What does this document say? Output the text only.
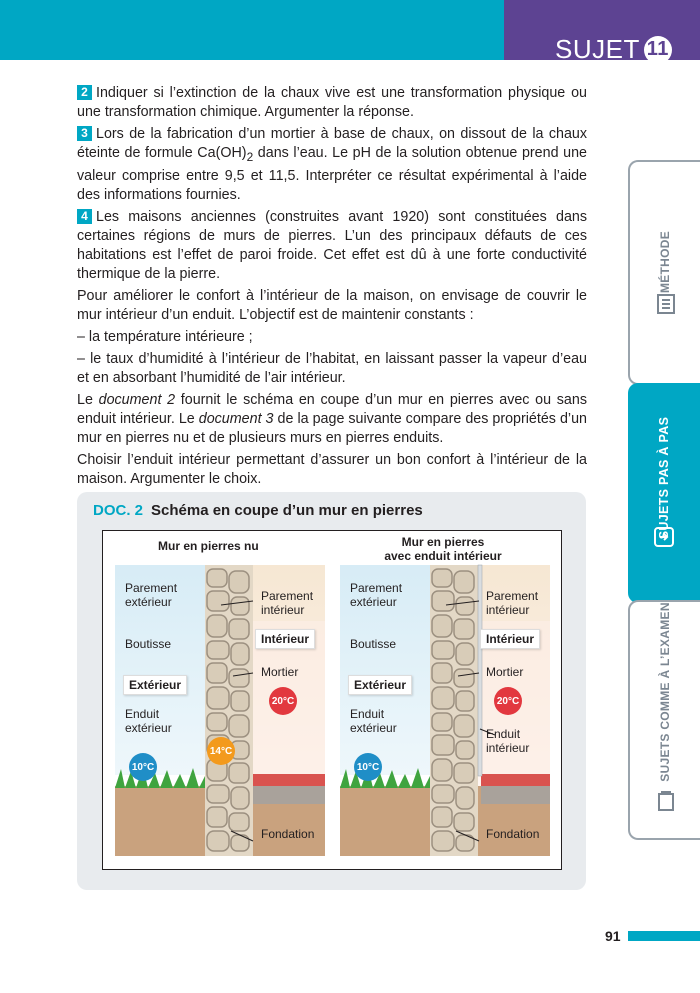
SUJET 11

2 Indiquer si l’extinction de la chaux vive est une transformation physique ou une transformation chimique. Argumenter la réponse.

3 Lors de la fabrication d’un mortier à base de chaux, on dissout de la chaux éteinte de formule $Ca(OH)_2$ dans l’eau. Le pH de la solution obtenue prend une valeur comprise entre 9,5 et 11,5. Interpréter ce résultat expérimental à l’aide des informations fournies.

4 Les maisons anciennes (construites avant 1920) sont constituées dans certaines régions de murs de pierres. L’un des principaux défauts de ces habitations est l’effet de paroi froide. Cet effet est dû à une forte conductivité thermique de la pierre.

Pour améliorer le confort à l’intérieur de la maison, on envisage de couvrir le mur intérieur d’un enduit. L’objectif est de maintenir constants :

– la température intérieure ;

– le taux d’humidité à l’intérieur de l’habitat, en laissant passer la vapeur d’eau et en absorbant l’humidité de l’air intérieur.

Le document 2 fournit le schéma en coupe d’un mur en pierres avec ou sans enduit intérieur. Le document 3 de la page suivante compare des propriétés d’un mur en pierres nu et de plusieurs murs en pierres enduits.

Choisir l’enduit intérieur permettant d’assurer un bon confort à l’intérieur de la maison. Argumenter le choix.

MÉTHODE
SUJETS PAS À PAS
SUJETS COMME À L’EXAMEN
DOC. 2 Schéma en coupe d’un mur en pierres
Mur en pierres nu
Parement extérieur
Boutisse
Extérieur
Enduit extérieur
10°C
14°C
Parement intérieur
Intérieur
Mortier
20°C
Fondation
Mur en pierres
avec enduit intérieur
Parement extérieur
Boutisse
Extérieur
Enduit extérieur
10°C
Parement intérieur
Intérieur
Mortier
20°C
Enduit intérieur
Fondation
91
